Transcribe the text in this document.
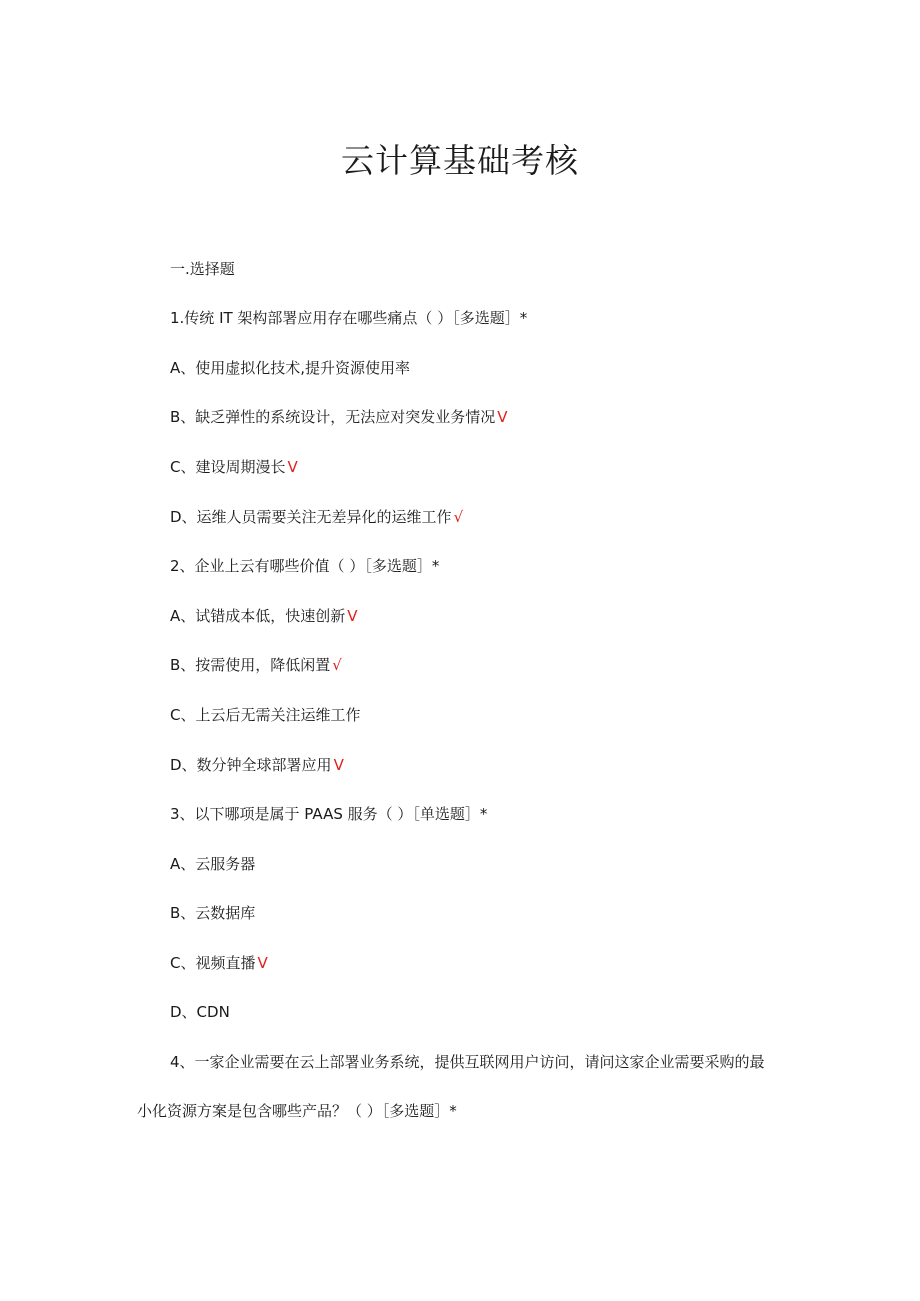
云计算基础考核

一.选择题

1.传统 IT 架构部署应用存在哪些痛点（ ）［多选题］*

A、使用虚拟化技术,提升资源使用率

B、缺乏弹性的系统设计，无法应对突发业务情况 V

C、建设周期漫长 V

D、运维人员需要关注无差异化的运维工作 √

2、企业上云有哪些价值（ ）［多选题］*

A、试错成本低，快速创新 V

B、按需使用，降低闲置 √

C、上云后无需关注运维工作

D、数分钟全球部署应用 V

3、以下哪项是属于 PAAS 服务（ ）［单选题］*

A、云服务器

B、云数据库

C、视频直播 V

D、CDN

4、一家企业需要在云上部署业务系统，提供互联网用户访问，请问这家企业需要采购的最

小化资源方案是包含哪些产品？（ ）［多选题］*
